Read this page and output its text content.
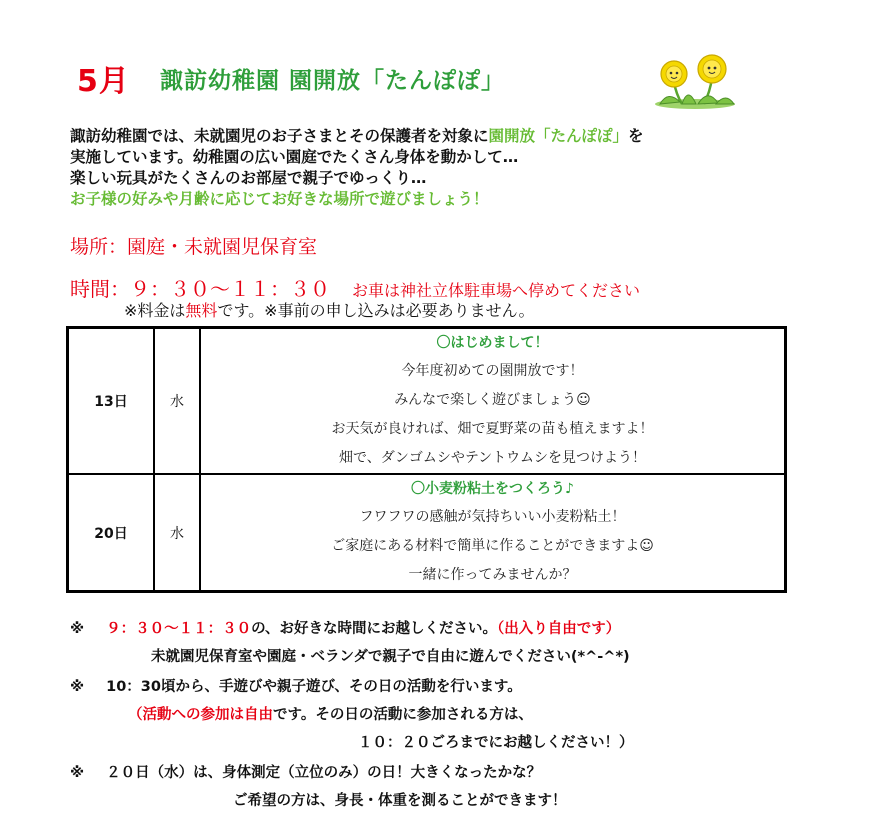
5月 諏訪幼稚園 園開放「たんぽぽ」
諏訪幼稚園では、未就園児のお子さまとその保護者を対象に園開放「たんぽぽ」を
実施しています。幼稚園の広い園庭でたくさん身体を動かして…
楽しい玩具がたくさんのお部屋で親子でゆっくり…
お子様の好みや月齢に応じてお好きな場所で遊びましょう！
場所：園庭・未就園児保育室
時間：９：３０～１１：３０ お車は神社立体駐車場へ停めてください
※料金は無料です。※事前の申し込みは必要ありません。
13日	水	〇はじめまして！
今年度初めての園開放です！
みんなで楽しく遊びましょう☺
お天気が良ければ、畑で夏野菜の苗も植えますよ！
畑で、ダンゴムシやテントウムシを見つけよう！

20日	水	〇小麦粉粘土をつくろう♪
フワフワの感触が気持ちいい小麦粉粘土！
ご家庭にある材料で簡単に作ることができますよ☺
一緒に作ってみませんか？
※ ９：３０～１１：３０の、お好きな時間にお越しください。（出入り自由です）
未就園児保育室や園庭・ベランダで親子で自由に遊んでください(*^-^*)
※ 10：30頃から、手遊びや親子遊び、その日の活動を行います。
（活動への参加は自由です。その日の活動に参加される方は、
１０：２０ごろまでにお越しください！）
※ ２０日（水）は、身体測定（立位のみ）の日！大きくなったかな？
ご希望の方は、身長・体重を測ることができます！
